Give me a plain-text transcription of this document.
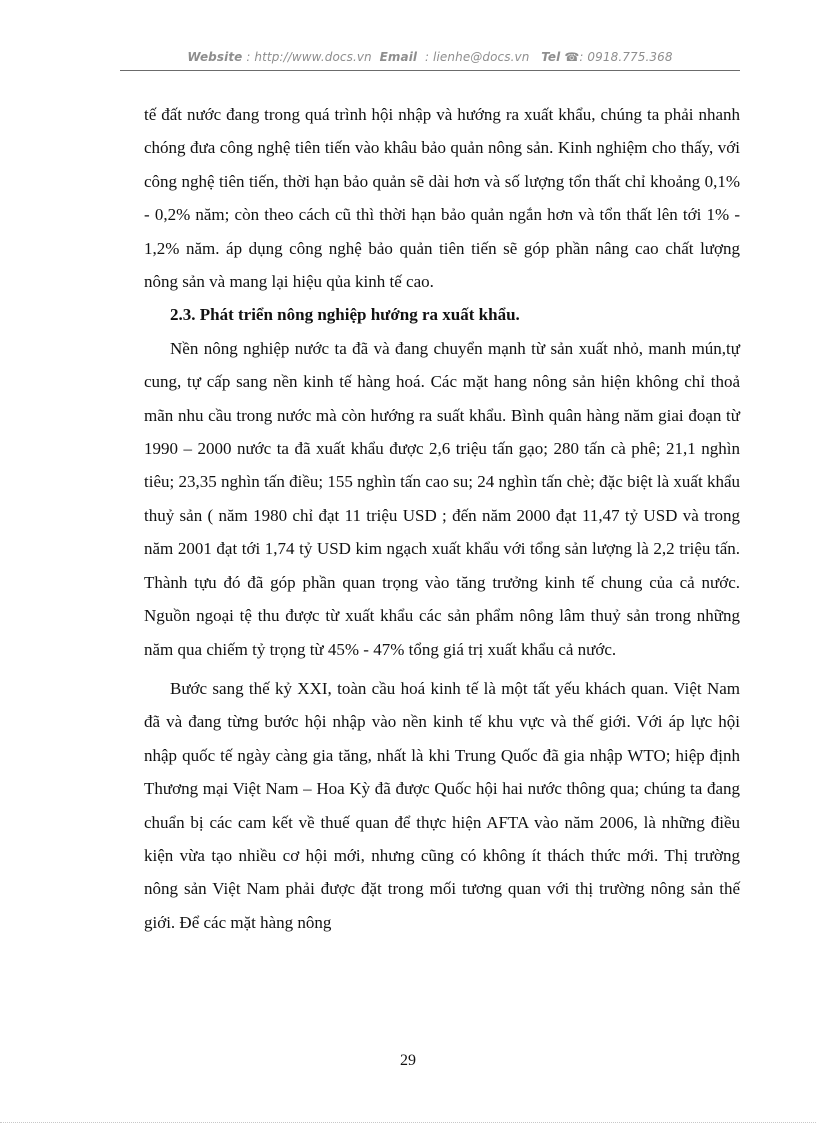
Website : http://www.docs.vn Email : lienhe@docs.vn Tel ☎: 0918.775.368

tế đất nước đang trong quá trình hội nhập và hướng ra xuất khẩu, chúng ta phải nhanh chóng đưa công nghệ tiên tiến vào khâu bảo quản nông sản. Kinh nghiệm cho thấy, với công nghệ tiên tiến, thời hạn bảo quản sẽ dài hơn và số lượng tổn thất chỉ khoảng 0,1% - 0,2% năm; còn theo cách cũ thì thời hạn bảo quản ngắn hơn và tổn thất lên tới 1% - 1,2% năm. áp dụng công nghệ bảo quản tiên tiến sẽ góp phần nâng cao chất lượng nông sản và mang lại hiệu qủa kinh tế cao.

2.3. Phát triển nông nghiệp hướng ra xuất khẩu.

Nền nông nghiệp nước ta đã và đang chuyển mạnh từ sản xuất nhỏ, manh mún,tự cung, tự cấp sang nền kinh tế hàng hoá. Các mặt hang nông sản hiện không chỉ thoả mãn nhu cầu trong nước mà còn hướng ra suất khẩu. Bình quân hàng năm giai đoạn từ 1990 – 2000 nước ta đã xuất khẩu được 2,6 triệu tấn gạo; 280 tấn cà phê; 21,1 nghìn tiêu; 23,35 nghìn tấn điều; 155 nghìn tấn cao su; 24 nghìn tấn chè; đặc biệt là xuất khẩu thuỷ sản ( năm 1980 chỉ đạt 11 triệu USD ; đến năm 2000 đạt 11,47 tỷ USD và trong năm 2001 đạt tới 1,74 tỷ USD kim ngạch xuất khẩu với tổng sản lượng là 2,2 triệu tấn. Thành tựu đó đã góp phần quan trọng vào tăng trưởng kinh tế chung của cả nước. Nguồn ngoại tệ thu được từ xuất khẩu các sản phẩm nông lâm thuỷ sản trong những năm qua chiếm tỷ trọng từ 45% - 47% tổng giá trị xuất khẩu cả nước.

Bước sang thế kỷ XXI, toàn cầu hoá kinh tế là một tất yếu khách quan. Việt Nam đã và đang từng bước hội nhập vào nền kinh tế khu vực và thế giới. Với áp lực hội nhập quốc tế ngày càng gia tăng, nhất là khi Trung Quốc đã gia nhập WTO; hiệp định Thương mại Việt Nam – Hoa Kỳ đã được Quốc hội hai nước thông qua; chúng ta đang chuẩn bị các cam kết về thuế quan để thực hiện AFTA vào năm 2006, là những điều kiện vừa tạo nhiều cơ hội mới, nhưng cũng có không ít thách thức mới. Thị trường nông sản Việt Nam phải được đặt trong mối tương quan với thị trường nông sản thế giới. Để các mặt hàng nông

29
